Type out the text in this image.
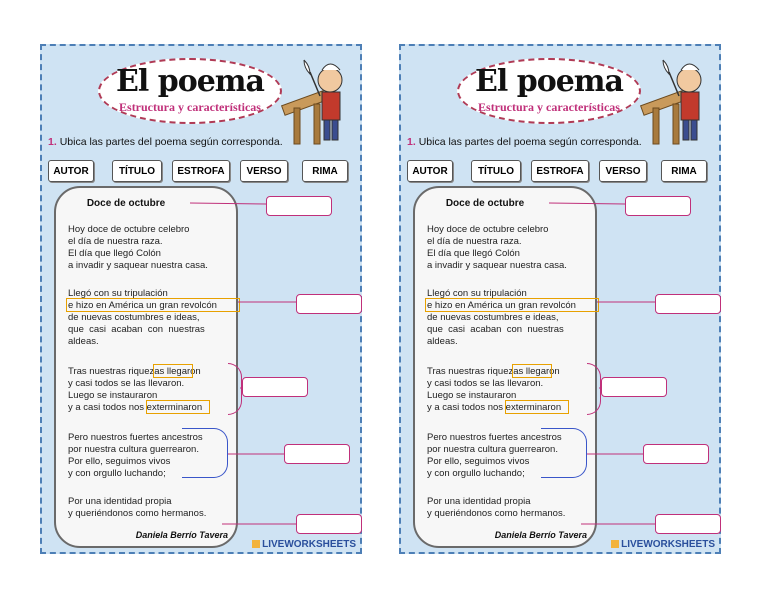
El poema
Estructura y características
1. Ubica las partes del poema según corresponda.
AUTOR	TÍTULO	ESTROFA	VERSO	RIMA
Doce de octubre
Hoy doce de octubre celebro
el día de nuestra raza.
El día que llegó Colón
a invadir y saquear nuestra casa.
Llegó con su tripulación
e hizo en América un gran revolcón
de nuevas costumbres e ideas,
que  casi  acaban  con  nuestras
aldeas.
Tras nuestras riquezas llegaron
y casi todos se las llevaron.
Luego se instauraron
y a casi todos nos exterminaron
Pero nuestros fuertes ancestros
por nuestra cultura guerrearon.
Por ello, seguimos vivos
y con orgullo luchando;
Por una identidad propia
y queriéndonos como hermanos.
Daniela Berrío Tavera
LIVEWORKSHEETS
El poema
Estructura y características
1. Ubica las partes del poema según corresponda.
AUTOR	TÍTULO	ESTROFA	VERSO	RIMA
Doce de octubre
Hoy doce de octubre celebro
el día de nuestra raza.
El día que llegó Colón
a invadir y saquear nuestra casa.
Llegó con su tripulación
e hizo en América un gran revolcón
de nuevas costumbres e ideas,
que  casi  acaban  con  nuestras
aldeas.
Tras nuestras riquezas llegaron
y casi todos se las llevaron.
Luego se instauraron
y a casi todos nos exterminaron
Pero nuestros fuertes ancestros
por nuestra cultura guerrearon.
Por ello, seguimos vivos
y con orgullo luchando;
Por una identidad propia
y queriéndonos como hermanos.
Daniela Berrío Tavera
LIVEWORKSHEETS
